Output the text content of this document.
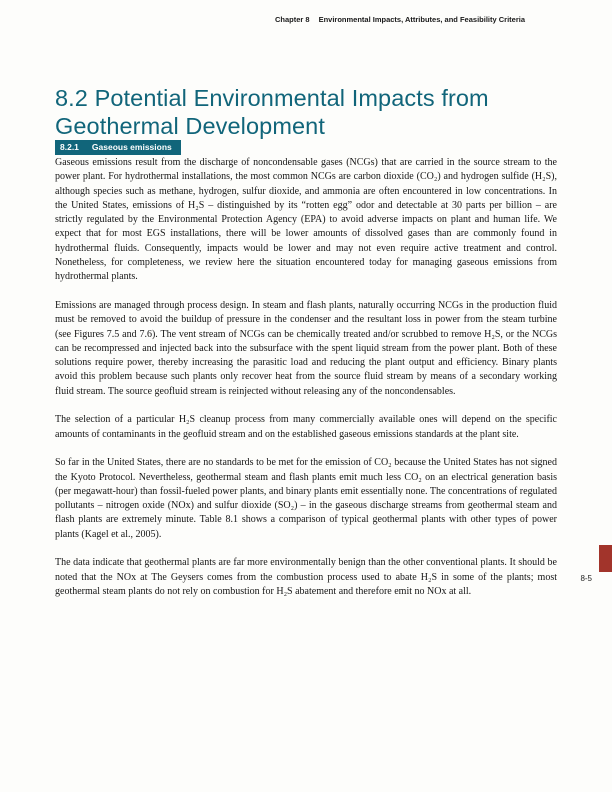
Chapter 8 Environmental Impacts, Attributes, and Feasibility Criteria
8.2 Potential Environmental Impacts from
Geothermal Development
8.2.1 Gaseous emissions

Gaseous emissions result from the discharge of noncondensable gases (NCGs) that are carried in the source stream to the power plant. For hydrothermal installations, the most common NCGs are carbon dioxide (CO₂) and hydrogen sulfide (H₂S), although species such as methane, hydrogen, sulfur dioxide, and ammonia are often encountered in low concentrations. In the United States, emissions of H₂S – distinguished by its “rotten egg” odor and detectable at 30 parts per billion – are strictly regulated by the Environmental Protection Agency (EPA) to avoid adverse impacts on plant and human life. We expect that for most EGS installations, there will be lower amounts of dissolved gases than are commonly found in hydrothermal fluids. Consequently, impacts would be lower and may not even require active treatment and control. Nonetheless, for completeness, we review here the situation encountered today for managing gaseous emissions from hydrothermal plants.

Emissions are managed through process design. In steam and flash plants, naturally occurring NCGs in the production fluid must be removed to avoid the buildup of pressure in the condenser and the resultant loss in power from the steam turbine (see Figures 7.5 and 7.6). The vent stream of NCGs can be chemically treated and/or scrubbed to remove H₂S, or the NCGs can be recompressed and injected back into the subsurface with the spent liquid stream from the power plant. Both of these solutions require power, thereby increasing the parasitic load and reducing the plant output and efficiency. Binary plants avoid this problem because such plants only recover heat from the source fluid stream by means of a secondary working fluid stream. The source geofluid stream is reinjected without releasing any of the noncondensables.

The selection of a particular H₂S cleanup process from many commercially available ones will depend on the specific amounts of contaminants in the geofluid stream and on the established gaseous emissions standards at the plant site.

So far in the United States, there are no standards to be met for the emission of CO₂ because the United States has not signed the Kyoto Protocol. Nevertheless, geothermal steam and flash plants emit much less CO₂ on an electrical generation basis (per megawatt-hour) than fossil-fueled power plants, and binary plants emit essentially none. The concentrations of regulated pollutants – nitrogen oxide (NOx) and sulfur dioxide (SO₂) – in the gaseous discharge streams from geothermal steam and flash plants are extremely minute. Table 8.1 shows a comparison of typical geothermal plants with other types of power plants (Kagel et al., 2005).

The data indicate that geothermal plants are far more environmentally benign than the other conventional plants. It should be noted that the NOx at The Geysers comes from the combustion process used to abate H₂S in some of the plants; most geothermal steam plants do not rely on combustion for H₂S abatement and therefore emit no NOx at all.

8-5
